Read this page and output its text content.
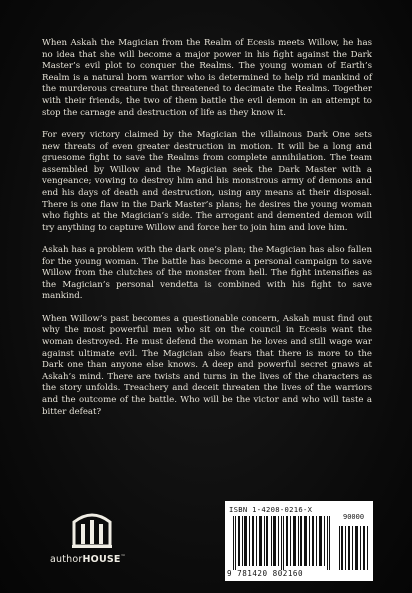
When Askah the Magician from the Realm of Ecesis meets Willow, he has no idea that she will become a major power in his fight against the Dark Master’s evil plot to conquer the Realms. The young woman of Earth’s Realm is a natural born warrior who is determined to help rid mankind of the murderous creature that threatened to decimate the Realms. Together with their friends, the two of them battle the evil demon in an attempt to stop the carnage and destruction of life as they know it.

For every victory claimed by the Magician the villainous Dark One sets new threats of even greater destruction in motion. It will be a long and gruesome fight to save the Realms from complete annihilation. The team assembled by Willow and the Magician seek the Dark Master with a vengeance; vowing to destroy him and his monstrous army of demons and end his days of death and destruction, using any means at their disposal. There is one flaw in the Dark Master’s plans; he desires the young woman who fights at the Magician’s side. The arrogant and demented demon will try anything to capture Willow and force her to join him and love him.

Askah has a problem with the dark one’s plan; the Magician has also fallen for the young woman. The battle has become a personal campaign to save Willow from the clutches of the monster from hell. The fight intensifies as the Magician’s personal vendetta is combined with his fight to save mankind.

When Willow’s past becomes a questionable concern, Askah must find out why the most powerful men who sit on the council in Ecesis want the woman destroyed. He must defend the woman he loves and still wage war against ultimate evil. The Magician also fears that there is more to the Dark one than anyone else knows. A deep and powerful secret gnaws at Askah’s mind. There are twists and turns in the lives of the characters as the story unfolds. Treachery and deceit threaten the lives of the warriors and the outcome of the battle. Who will be the victor and who will taste a bitter defeat?

authorHOUSE™
ISBN 1-4208-0216-X
90000
9 781420 802160
